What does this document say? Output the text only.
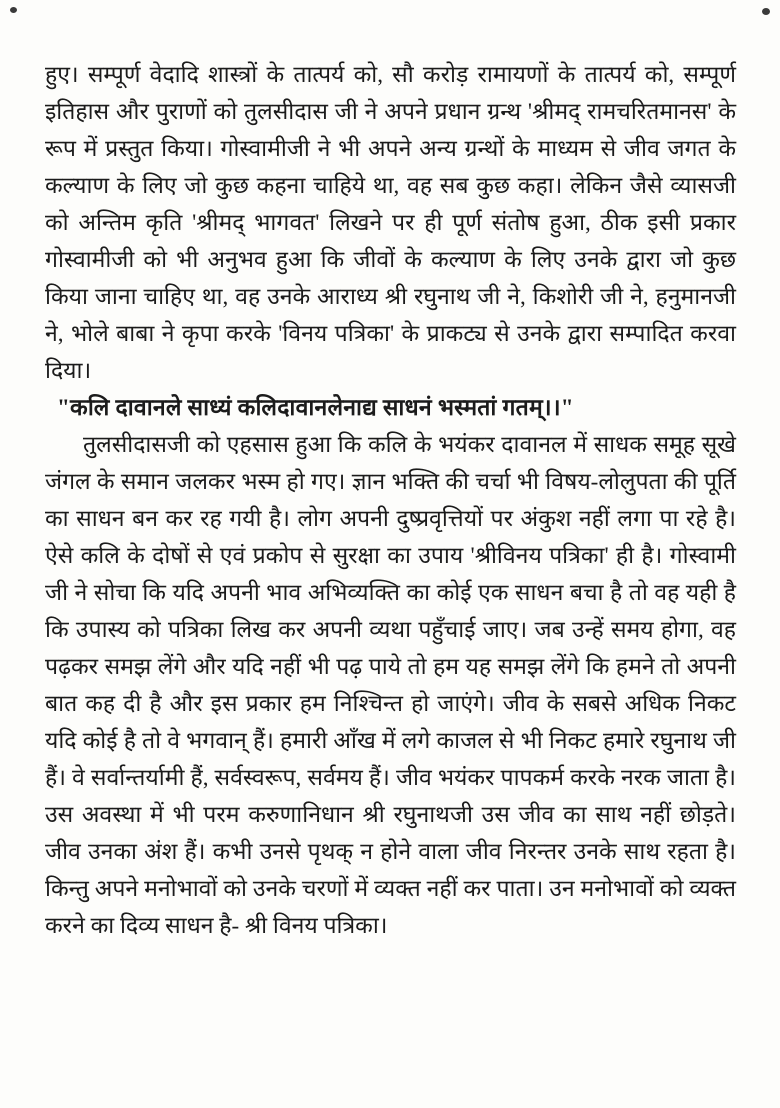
हुए। सम्पूर्ण वेदादि शास्त्रों के तात्पर्य को, सौ करोड़ रामायणों के तात्पर्य को, सम्पूर्ण इतिहास और पुराणों को तुलसीदास जी ने अपने प्रधान ग्रन्थ 'श्रीमद् रामचरितमानस' के रूप में प्रस्तुत किया। गोस्वामीजी ने भी अपने अन्य ग्रन्थों के माध्यम से जीव जगत के कल्याण के लिए जो कुछ कहना चाहिये था, वह सब कुछ कहा। लेकिन जैसे व्यासजी को अन्तिम कृति 'श्रीमद् भागवत' लिखने पर ही पूर्ण संतोष हुआ, ठीक इसी प्रकार गोस्वामीजी को भी अनुभव हुआ कि जीवों के कल्याण के लिए उनके द्वारा जो कुछ किया जाना चाहिए था, वह उनके आराध्य श्री रघुनाथ जी ने, किशोरी जी ने, हनुमानजी ने, भोले बाबा ने कृपा करके 'विनय पत्रिका' के प्राकट्य से उनके द्वारा सम्पादित करवा दिया।

"कलि दावानले साध्यं कलिदावानलेनाद्य साधनं भस्मतां गतम्।।"

तुलसीदासजी को एहसास हुआ कि कलि के भयंकर दावानल में साधक समूह सूखे जंगल के समान जलकर भस्म हो गए। ज्ञान भक्ति की चर्चा भी विषय-लोलुपता की पूर्ति का साधन बन कर रह गयी है। लोग अपनी दुष्प्रवृत्तियों पर अंकुश नहीं लगा पा रहे है। ऐसे कलि के दोषों से एवं प्रकोप से सुरक्षा का उपाय 'श्रीविनय पत्रिका' ही है। गोस्वामी जी ने सोचा कि यदि अपनी भाव अभिव्यक्ति का कोई एक साधन बचा है तो वह यही है कि उपास्य को पत्रिका लिख कर अपनी व्यथा पहुँचाई जाए। जब उन्हें समय होगा, वह पढ़कर समझ लेंगे और यदि नहीं भी पढ़ पाये तो हम यह समझ लेंगे कि हमने तो अपनी बात कह दी है और इस प्रकार हम निश्चिन्त हो जाएंगे। जीव के सबसे अधिक निकट यदि कोई है तो वे भगवान् हैं। हमारी आँख में लगे काजल से भी निकट हमारे रघुनाथ जी हैं। वे सर्वान्तर्यामी हैं, सर्वस्वरूप, सर्वमय हैं। जीव भयंकर पापकर्म करके नरक जाता है। उस अवस्था में भी परम करुणानिधान श्री रघुनाथजी उस जीव का साथ नहीं छोड़ते। जीव उनका अंश हैं। कभी उनसे पृथक् न होने वाला जीव निरन्तर उनके साथ रहता है। किन्तु अपने मनोभावों को उनके चरणों में व्यक्त नहीं कर पाता। उन मनोभावों को व्यक्त करने का दिव्य साधन है- श्री विनय पत्रिका।
